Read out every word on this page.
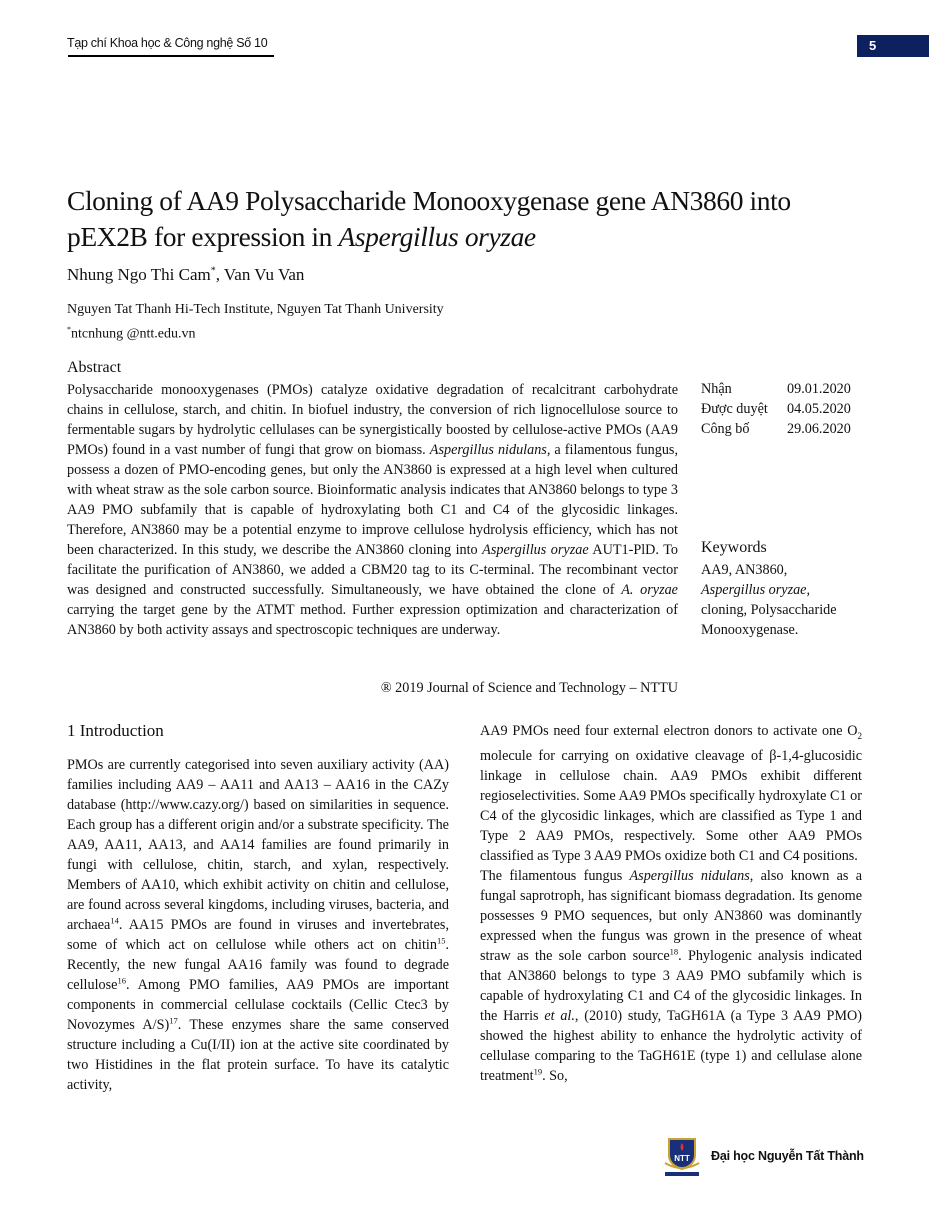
Tạp chí Khoa học & Công nghệ Số 10	5
Cloning of AA9 Polysaccharide Monooxygenase gene AN3860 into pEX2B for expression in Aspergillus oryzae
Nhung Ngo Thi Cam*, Van Vu Van
Nguyen Tat Thanh Hi-Tech Institute, Nguyen Tat Thanh University
*ntcnhung @ntt.edu.vn
Abstract
Polysaccharide monooxygenases (PMOs) catalyze oxidative degradation of recalcitrant carbohydrate chains in cellulose, starch, and chitin. In biofuel industry, the conversion of rich lignocellulose source to fermentable sugars by hydrolytic cellulases can be synergistically boosted by cellulose-active PMOs (AA9 PMOs) found in a vast number of fungi that grow on biomass. Aspergillus nidulans, a filamentous fungus, possess a dozen of PMO-encoding genes, but only the AN3860 is expressed at a high level when cultured with wheat straw as the sole carbon source. Bioinformatic analysis indicates that AN3860 belongs to type 3 AA9 PMO subfamily that is capable of hydroxylating both C1 and C4 of the glycosidic linkages. Therefore, AN3860 may be a potential enzyme to improve cellulose hydrolysis efficiency, which has not been characterized. In this study, we describe the AN3860 cloning into Aspergillus oryzae AUT1-PlD. To facilitate the purification of AN3860, we added a CBM20 tag to its C-terminal. The recombinant vector was designed and constructed successfully. Simultaneously, we have obtained the clone of A. oryzae carrying the target gene by the ATMT method. Further expression optimization and characterization of AN3860 by both activity assays and spectroscopic techniques are underway.
® 2019 Journal of Science and Technology – NTTU
Nhận	09.01.2020
Được duyệt	04.05.2020
Công bố	29.06.2020
Keywords
AA9, AN3860,
Aspergillus oryzae,
cloning, Polysaccharide Monooxygenase.
1 Introduction

PMOs are currently categorised into seven auxiliary activity (AA) families including AA9 – AA11 and AA13 – AA16 in the CAZy database (http://www.cazy.org/) based on similarities in sequence. Each group has a different origin and/or a substrate specificity. The AA9, AA11, AA13, and AA14 families are found primarily in fungi with cellulose, chitin, starch, and xylan, respectively. Members of AA10, which exhibit activity on chitin and cellulose, are found across several kingdoms, including viruses, bacteria, and archaea$^{14}$. AA15 PMOs are found in viruses and invertebrates, some of which act on cellulose while others act on chitin$^{15}$. Recently, the new fungal AA16 family was found to degrade cellulose$^{16}$. Among PMO families, AA9 PMOs are important components in commercial cellulase cocktails (Cellic Ctec3 by Novozymes A/S)$^{17}$. These enzymes share the same conserved structure including a Cu(I/II) ion at the active site coordinated by two Histidines in the flat protein surface. To have its catalytic activity,

AA9 PMOs need four external electron donors to activate one $O_2$ molecule for carrying on oxidative cleavage of β-1,4-glucosidic linkage in cellulose chain. AA9 PMOs exhibit different regioselectivities. Some AA9 PMOs specifically hydroxylate C1 or C4 of the glycosidic linkages, which are classified as Type 1 and Type 2 AA9 PMOs, respectively. Some other AA9 PMOs classified as Type 3 AA9 PMOs oxidize both C1 and C4 positions.

The filamentous fungus Aspergillus nidulans, also known as a fungal saprotroph, has significant biomass degradation. Its genome possesses 9 PMO sequences, but only AN3860 was dominantly expressed when the fungus was grown in the presence of wheat straw as the sole carbon source$^{18}$. Phylogenic analysis indicated that AN3860 belongs to type 3 AA9 PMO subfamily which is capable of hydroxylating C1 and C4 of the glycosidic linkages. In the Harris et al., (2010) study, TaGH61A (a Type 3 AA9 PMO) showed the highest ability to enhance the hydrolytic activity of cellulase comparing to the TaGH61E (type 1) and cellulase alone treatment$^{19}$. So,

NTT Đại học Nguyễn Tất Thành
